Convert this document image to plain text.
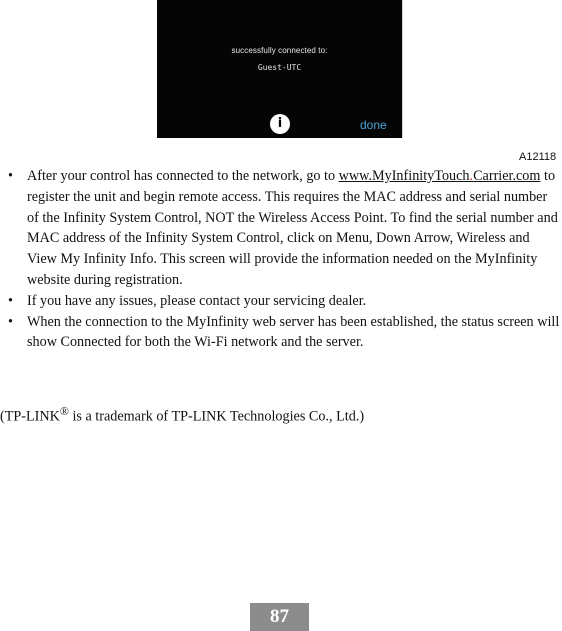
successfully connected to:
Guest-UTC
i	done
A12118
• After your control has connected to the network, go to www.MyInfinityTouch.Carrier.com to register the unit and begin remote access. This requires the MAC address and serial number of the Infinity System Control, NOT the Wireless Access Point. To find the serial number and MAC address of the Infinity System Control, click on Menu, Down Arrow, Wireless and View My Infinity Info. This screen will provide the information needed on the MyInfinity website during registration.
• If you have any issues, please contact your servicing dealer.
• When the connection to the MyInfinity web server has been established, the status screen will show Connected for both the Wi-Fi network and the server.
(TP-LINK® is a trademark of TP-LINK Technologies Co., Ltd.)
87
